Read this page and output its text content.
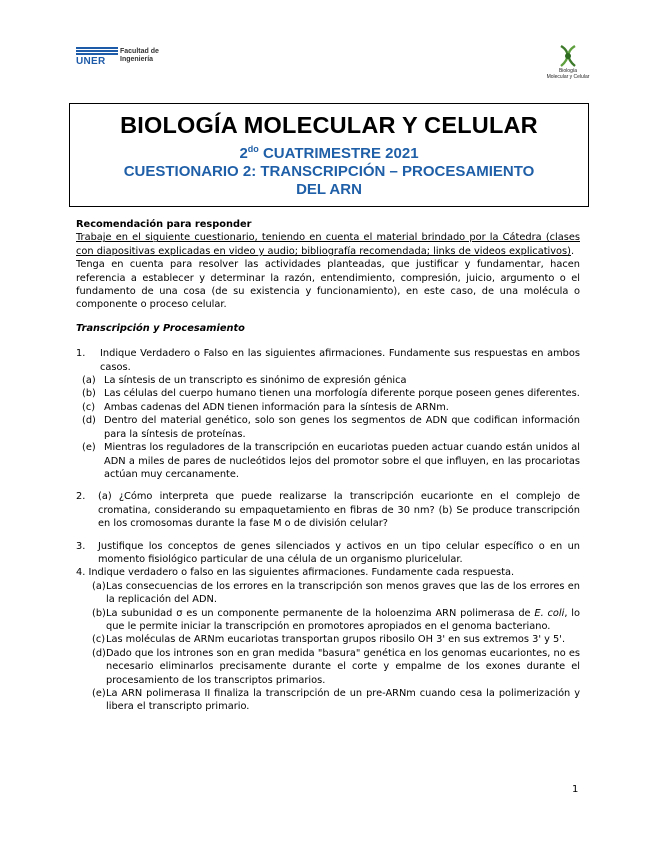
UNER
Facultad de
Ingeniería
Biología
Molecular y Celular
BIOLOGÍA MOLECULAR Y CELULAR
$2^{do}$ CUATRIMESTRE 2021
CUESTIONARIO 2: TRANSCRIPCIÓN – PROCESAMIENTO
DEL ARN

Recomendación para responder

Trabaje en el siguiente cuestionario, teniendo en cuenta el material brindado por la Cátedra (clases con diapositivas explicadas en video y audio; bibliografía recomendada; links de videos explicativos).

Tenga en cuenta para resolver las actividades planteadas, que justificar y fundamentar, hacen referencia a establecer y determinar la razón, entendimiento, compresión, juicio, argumento o el fundamento de una cosa (de su existencia y funcionamiento), en este caso, de una molécula o componente o proceso celular.

Transcripción y Procesamiento

1.	Indique Verdadero o Falso en las siguientes afirmaciones. Fundamente sus respuestas en ambos casos.
(a) La síntesis de un transcripto es sinónimo de expresión génica
(b) Las células del cuerpo humano tienen una morfología diferente porque poseen genes diferentes.
(c) Ambas cadenas del ADN tienen información para la síntesis de ARNm.
(d) Dentro del material genético, solo son genes los segmentos de ADN que codifican información para la síntesis de proteínas.
(e) Mientras los reguladores de la transcripción en eucariotas pueden actuar cuando están unidos al ADN a miles de pares de nucleótidos lejos del promotor sobre el que influyen, en las procariotas actúan muy cercanamente.
2.	(a) ¿Cómo interpreta que puede realizarse la transcripción eucarionte en el complejo de cromatina, considerando su empaquetamiento en fibras de 30 nm? (b) Se produce transcripción en los cromosomas durante la fase M o de división celular?
3.	Justifique los conceptos de genes silenciados y activos en un tipo celular específico o en un momento fisiológico particular de una célula de un organismo pluricelular.

4. Indique verdadero o falso en las siguientes afirmaciones. Fundamente cada respuesta.

(a) Las consecuencias de los errores en la transcripción son menos graves que las de los errores en la replicación del ADN.
(b) La subunidad σ es un componente permanente de la holoenzima ARN polimerasa de E. coli, lo que le permite iniciar la transcripción en promotores apropiados en el genoma bacteriano.
(c) Las moléculas de ARNm eucariotas transportan grupos ribosilo OH 3' en sus extremos 3' y 5'.
(d) Dado que los intrones son en gran medida "basura" genética en los genomas eucariontes, no es necesario eliminarlos precisamente durante el corte y empalme de los exones durante el procesamiento de los transcriptos primarios.
(e) La ARN polimerasa II finaliza la transcripción de un pre-ARNm cuando cesa la polimerización y libera el transcripto primario.
1
